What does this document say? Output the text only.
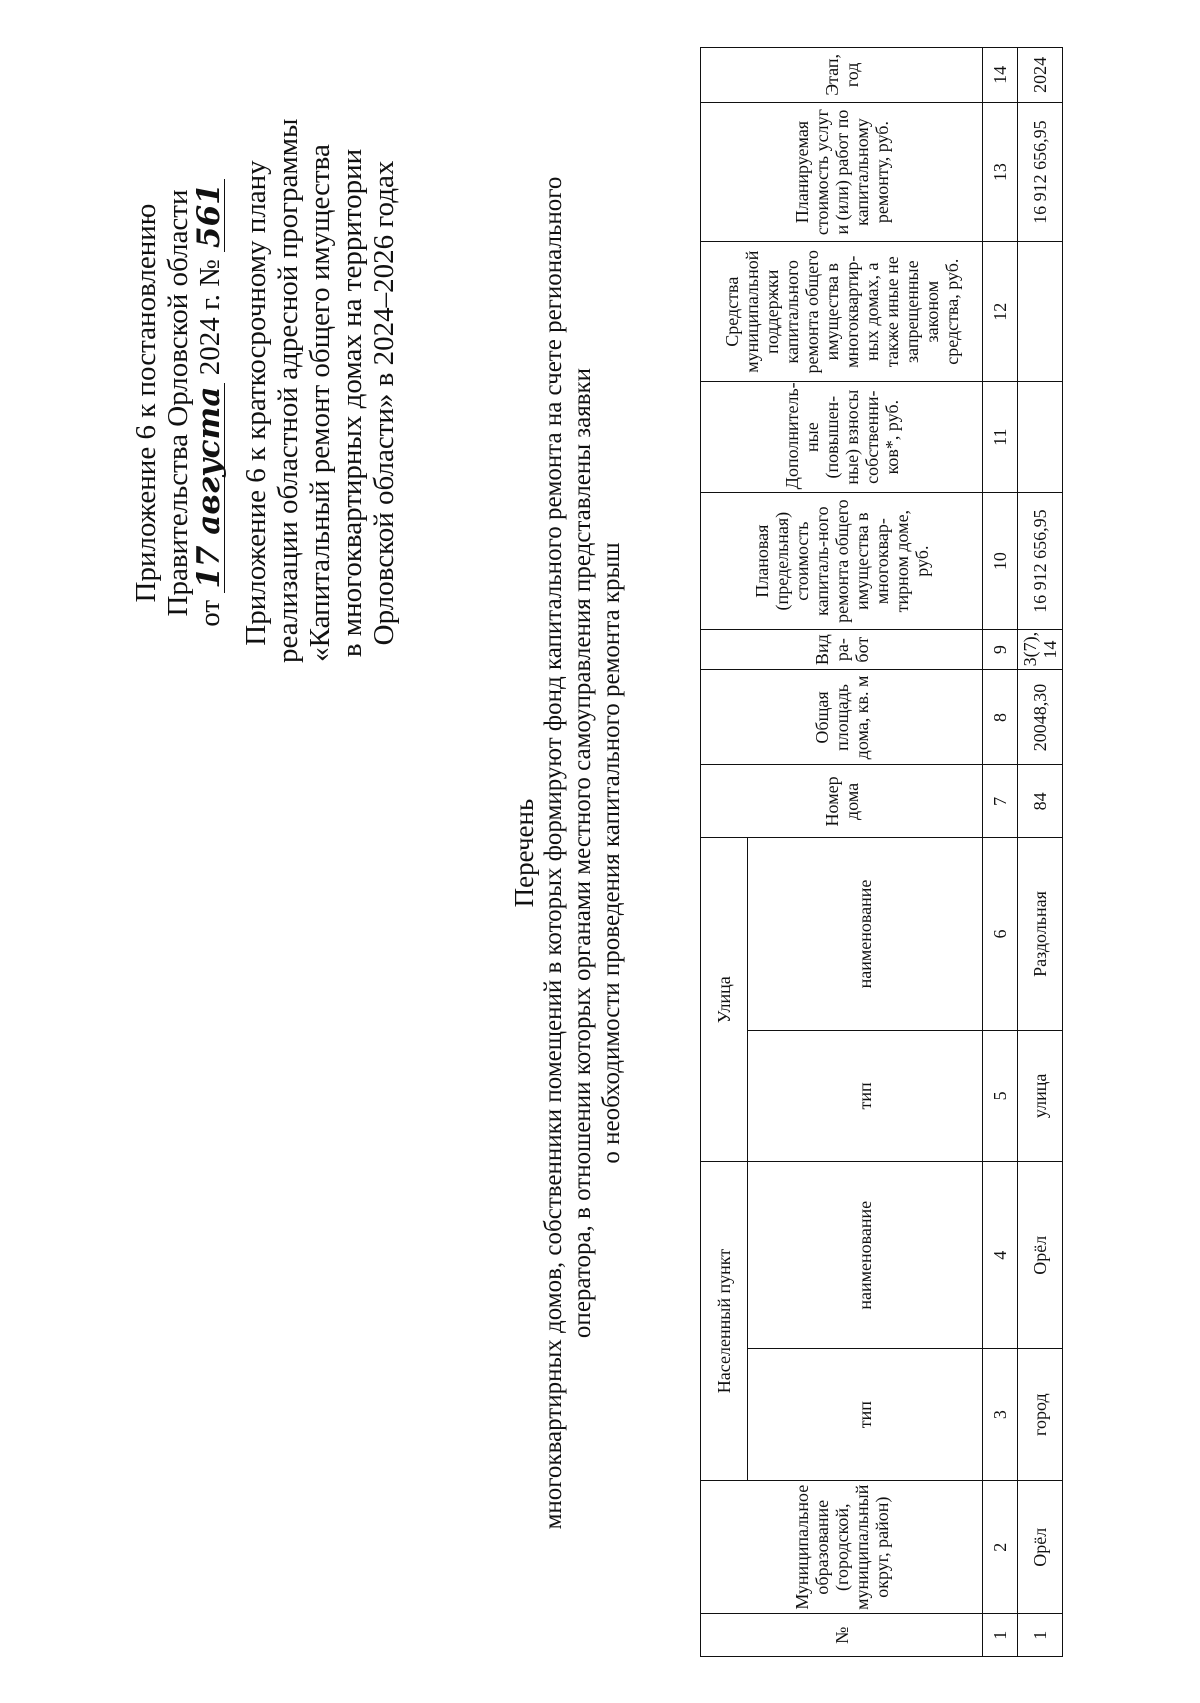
Приложение 6 к постановлению Правительства Орловской области от 17 августа 2024 г. № 561 Приложение 6 к краткосрочному плану реализации областной адресной программы «Капитальный ремонт общего имущества в многоквартирных домах на территории Орловской области» в 2024–2026 годах
Перечень многоквартирных домов, собственники помещений в которых формируют фонд капитального ремонта на счете регионального оператора, в отношении которых органами местного самоуправления представлены заявки о необходимости проведения капитального ремонта крыш
№	Муниципальное образование (городской, муниципальный округ, район)	Населенный пункт		Улица		Номер дома	Общая площадь дома, кв. м	Вид ра-бот	Плановая (предельная) стоимость капиталь-ного ремонта общего имущества в многоквар-тирном доме, руб.	Дополнитель-ные (повышен-ные) взносы собственни-ков*, руб.	Средства муниципальной поддержки капитального ремонта общего имущества в многоквартир-ных домах, а также иные не запрещенные законом средства, руб.	Планируемая стоимость услуг и (или) работ по капитальному ремонту, руб.	Этап, год
		тип	наименование	тип	наименование								
1	2	3	4	5	6	7	8	9	10	11	12	13	14
1	Орёл	город	Орёл	улица	Раздольная	84	20048,30	3(7), 14	16 912 656,95			16 912 656,95	2024
